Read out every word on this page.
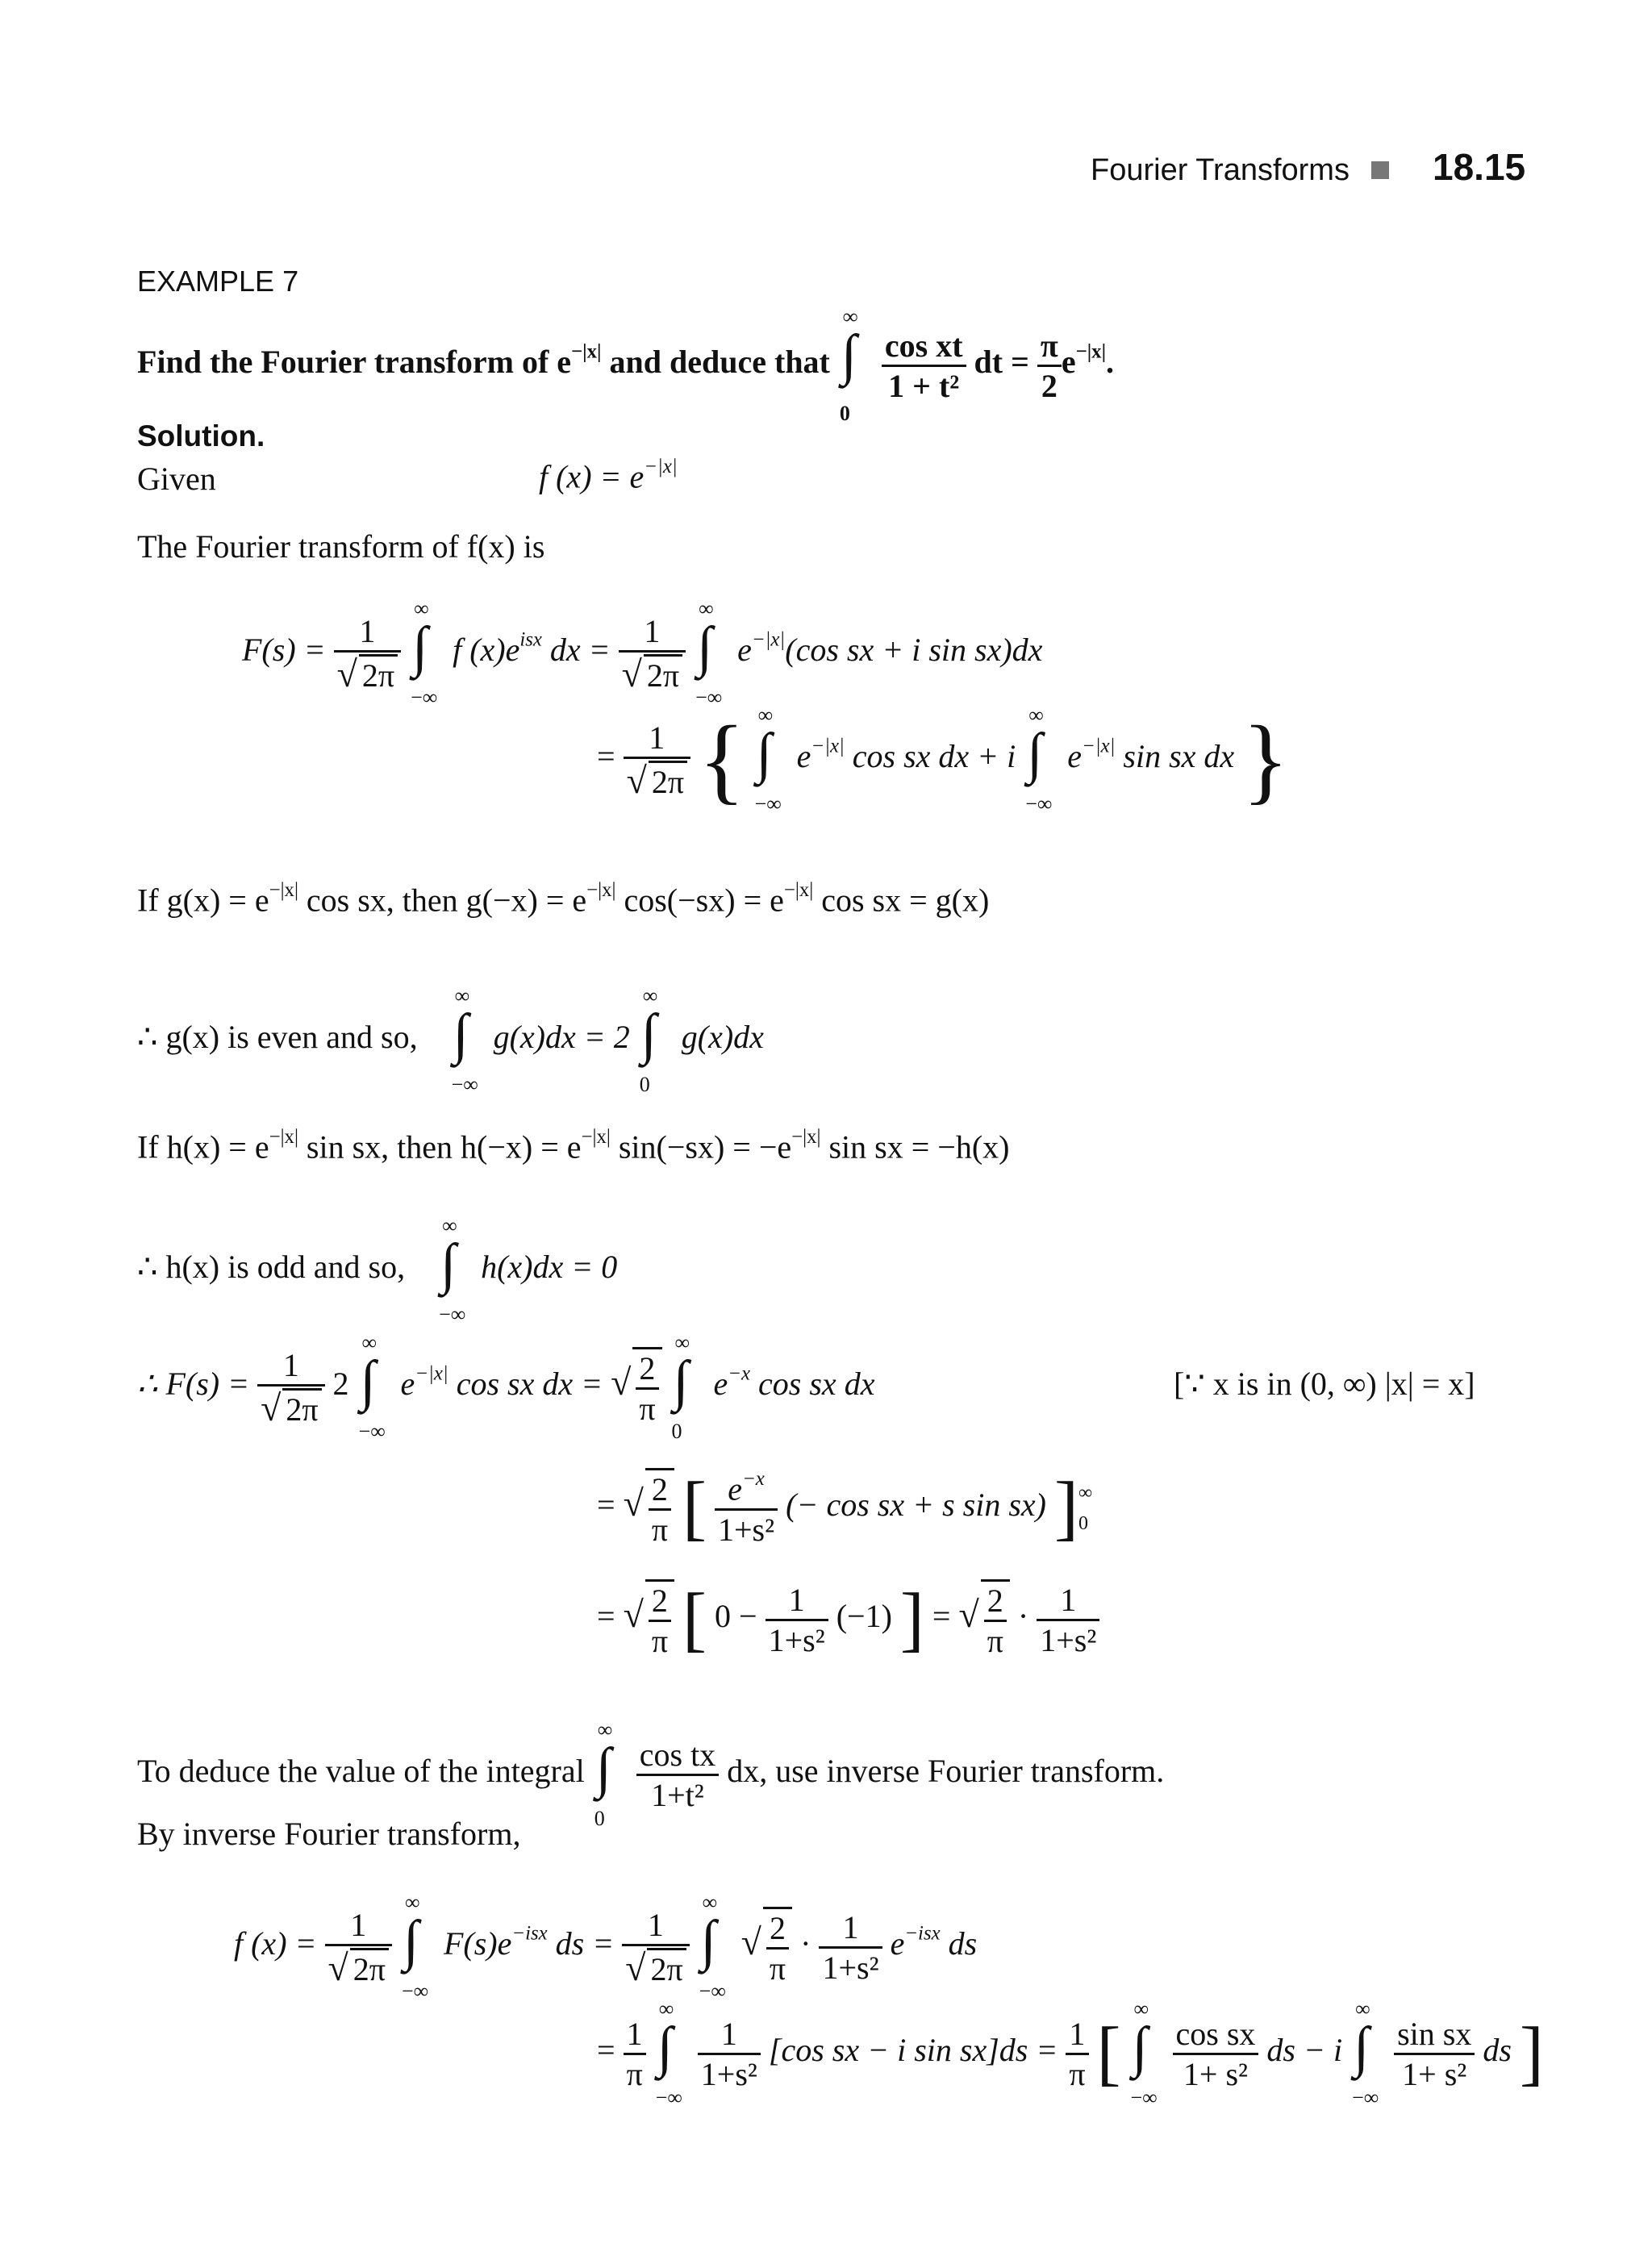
Fourier Transforms 18.15
EXAMPLE 7
Find the Fourier transform of $e^{-|x|}$ and deduce that
∞
∫
0

$\frac{\text{cos xt}}{\text{1 + t²}}$ dt = $\frac{\pi}{2} e^{-|x|}$.
Solution.
Given	f $(x) = e^{-|x|}$
The Fourier transform of f(x) is
$F(s) = \frac{1}{√ 2\pi}$

∞
∫
−∞
f $(x)e^{isx}$ dx = $\frac{1}{√ 2\pi}$

∞
∫
−∞
$e^{-|x|}(\cos$ sx + i sin sx)dx
= $\frac{1}{√ 2\pi}$ { ∞
∫
−∞
$e^{-|x|}$ cos sx dx + i
∞
∫
−∞
$e^{-|x|}$ sin sx dx }
If $g(x) = e^{-|x|}$ cos sx, then $g(-x) = e^{-|x|}$ $\cos(-sx) = e^{-|x|}$ cos sx = g(x)
∴ g(x) is even and so,
∞
∫
−∞
g(x)dx = 2
∞
∫
0
g(x)dx
If $h(x) = e^{-|x|}$ sin sx, then $h(-x) = e^{-|x|}$ $\sin(-sx) = -e^{-|x|}$ sin sx = −h(x)
∴ h(x) is odd and so,
∞
∫
−∞
h(x)dx = 0
∴ $F(s) = \frac{1}{√ 2\pi} 2$
∞
∫
−∞
$e^{-|x|}$ cos sx dx = √ $\frac{2}{\pi}$

∞
∫
0
$e^{-x}$ cos sx dx	[∵ x is in (0, ∞) |x| = x]
= √ $\frac{2}{\pi}$ [ $\frac{e^{-x}}{\text{1+s²}}$ (− cos sx + s sin sx) ] ∞
0
= √ $\frac{2}{\pi}$ [ $0 - \frac{1}{\text{1+s²}} (-1)$ ] = √ $\frac{2}{\pi} \cdot \frac{1}{\text{1+s²}}$
To deduce the value of the integral
∞
∫
0

$\frac{\text{cos tx}}{\text{1+t²}}$ dx, use inverse Fourier transform.
By inverse Fourier transform,
f $(x) = \frac{1}{√ 2\pi}$

∞
∫
−∞
$F(s)e^{-isx}$ ds = $\frac{1}{√ 2\pi}$

∞
∫
−∞
√ $\frac{2}{\pi} \cdot \frac{1}{\text{1+s²}} e^{-isx}$ ds
= $\frac{1}{\pi}$

∞
∫
−∞

$\frac{1}{\text{1+s²}} [\cos$ sx − i $\sin sx]ds = \frac{1}{\pi}$ [
∞
∫
−∞

$\frac{\text{cos sx}}{\text{1+ s²}}$ ds − i
∞
∫
−∞

$\frac{\text{sin sx}}{\text{1+ s²}}$ ds ]
